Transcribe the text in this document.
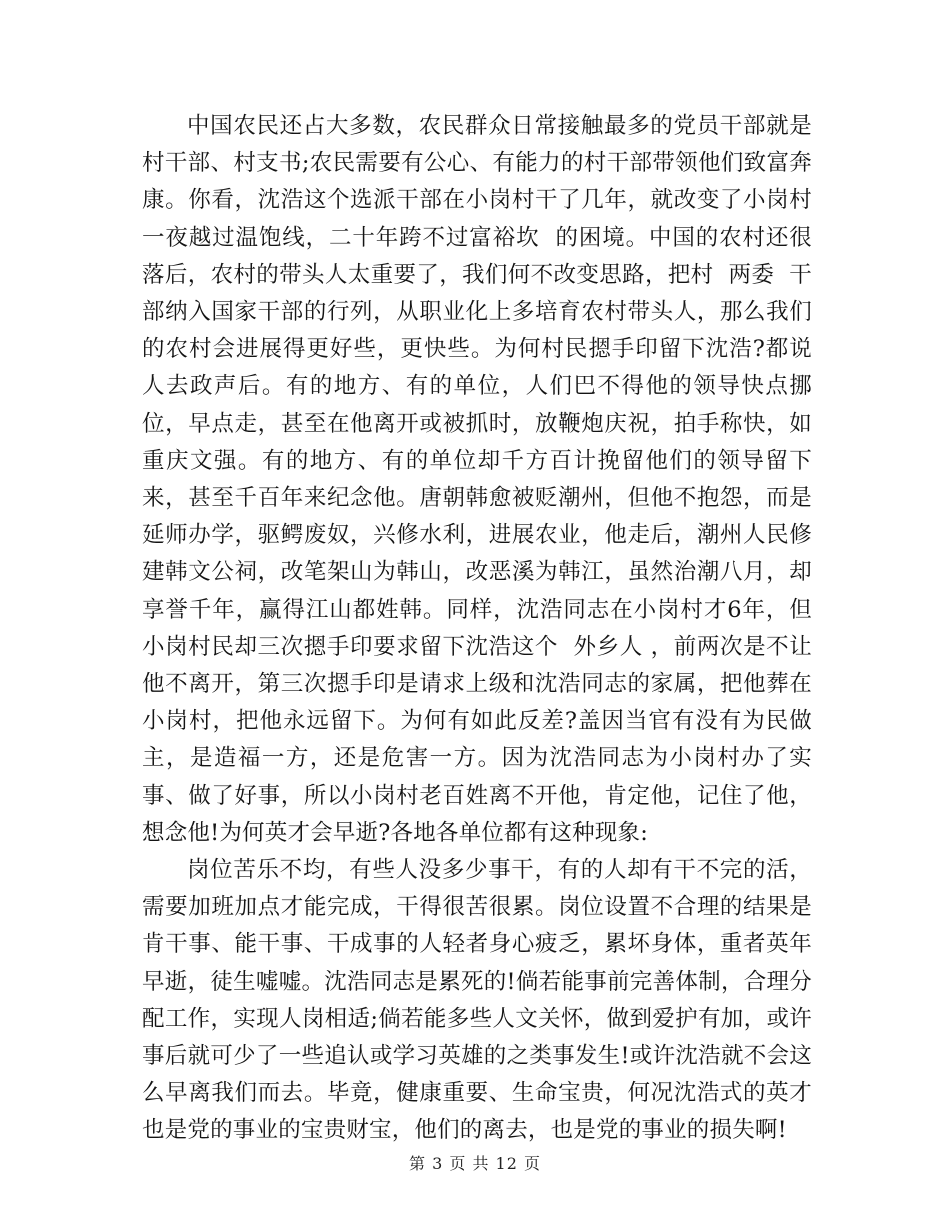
中国农民还占大多数，农民群众日常接触最多的党员干部就是村干部、村支书;农民需要有公心、有能力的村干部带领他们致富奔康。你看，沈浩这个选派干部在小岗村干了几年，就改变了小岗村  一夜越过温饱线，二十年跨不过富裕坎  的困境。中国的农村还很落后，农村的带头人太重要了，我们何不改变思路，把村  两委  干部纳入国家干部的行列，从职业化上多培育农村带头人，那么我们的农村会进展得更好些，更快些。为何村民摁手印留下沈浩?都说人去政声后。有的地方、有的单位，人们巴不得他的领导快点挪位，早点走，甚至在他离开或被抓时，放鞭炮庆祝，拍手称快，如重庆文强。有的地方、有的单位却千方百计挽留他们的领导留下来，甚至千百年来纪念他。唐朝韩愈被贬潮州，但他不抱怨，而是延师办学，驱鳄废奴，兴修水利，进展农业，他走后，潮州人民修建韩文公祠，改笔架山为韩山，改恶溪为韩江，虽然治潮八月，却享誉千年，赢得江山都姓韩。同样，沈浩同志在小岗村才6年，但小岗村民却三次摁手印要求留下沈浩这个  外乡人 ，前两次是不让他不离开，第三次摁手印是请求上级和沈浩同志的家属，把他葬在小岗村，把他永远留下。为何有如此反差?盖因当官有没有为民做主，是造福一方，还是危害一方。因为沈浩同志为小岗村办了实事、做了好事，所以小岗村老百姓离不开他，肯定他，记住了他，想念他!为何英才会早逝?各地各单位都有这种现象:

岗位苦乐不均，有些人没多少事干，有的人却有干不完的活，需要加班加点才能完成，干得很苦很累。岗位设置不合理的结果是肯干事、能干事、干成事的人轻者身心疲乏，累坏身体，重者英年早逝，徒生嘘嘘。沈浩同志是累死的!倘若能事前完善体制，合理分配工作，实现人岗相适;倘若能多些人文关怀，做到爱护有加，或许事后就可少了一些追认或学习英雄的之类事发生!或许沈浩就不会这么早离我们而去。毕竟，健康重要、生命宝贵，何况沈浩式的英才也是党的事业的宝贵财宝，他们的离去，也是党的事业的损失啊!

第 3 页 共 12 页
